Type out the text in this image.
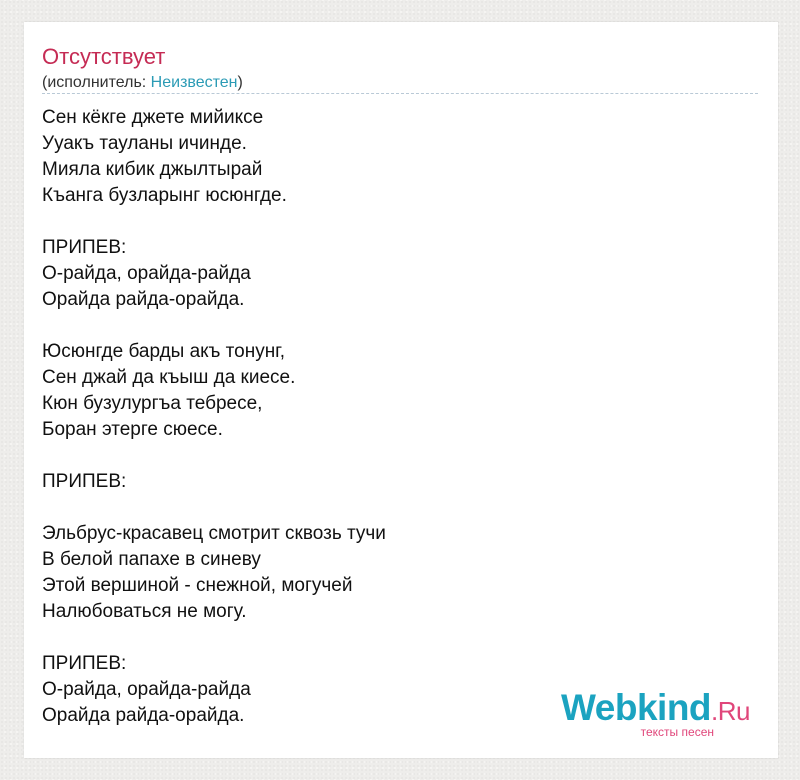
Отсутствует
(исполнитель: Неизвестен)
Сен кёкге джете мийиксе
Ууакъ тауланы ичинде.
Мияла кибик джылтырай
Къанга бузларынг юсюнгде.
ПРИПЕВ:
О-райда, орайда-райда
Орайда райда-орайда.
Юсюнгде барды акъ тонунг,
Сен джай да къыш да киесе.
Кюн бузулургъа тебресе,
Боран этерге сюесе.
ПРИПЕВ:
Эльбрус-красавец смотрит сквозь тучи
В белой папахе в синеву
Этой вершиной - снежной, могучей
Налюбоваться не могу.
ПРИПЕВ:
О-райда, орайда-райда
Орайда райда-орайда.	Webkind.Ru
тексты песен
